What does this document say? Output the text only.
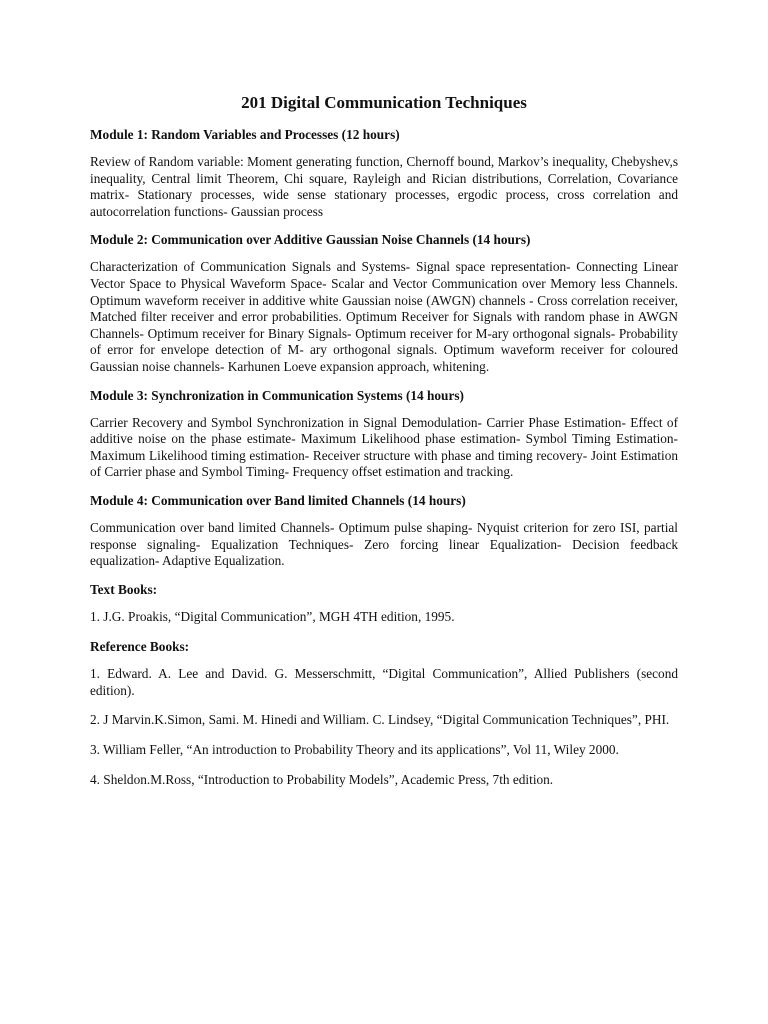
201 Digital Communication Techniques
Module 1: Random Variables and Processes (12 hours)
Review of Random variable: Moment generating function, Chernoff bound, Markov’s inequality, Chebyshev,s inequality, Central limit Theorem, Chi square, Rayleigh and Rician distributions, Correlation, Covariance matrix- Stationary processes, wide sense stationary processes, ergodic process, cross correlation and autocorrelation functions- Gaussian process
Module 2: Communication over Additive Gaussian Noise Channels (14 hours)
Characterization of Communication Signals and Systems- Signal space representation- Connecting Linear Vector Space to Physical Waveform Space- Scalar and Vector Communication over Memory less Channels. Optimum waveform receiver in additive white Gaussian noise (AWGN) channels - Cross correlation receiver, Matched filter receiver and error probabilities. Optimum Receiver for Signals with random phase in AWGN Channels- Optimum receiver for Binary Signals- Optimum receiver for M-ary orthogonal signals- Probability of error for envelope detection of M- ary orthogonal signals. Optimum waveform receiver for coloured Gaussian noise channels- Karhunen Loeve expansion approach, whitening.
Module 3: Synchronization in Communication Systems (14 hours)
Carrier Recovery and Symbol Synchronization in Signal Demodulation- Carrier Phase Estimation- Effect of additive noise on the phase estimate- Maximum Likelihood phase estimation- Symbol Timing Estimation- Maximum Likelihood timing estimation- Receiver structure with phase and timing recovery- Joint Estimation of Carrier phase and Symbol Timing- Frequency offset estimation and tracking.
Module 4: Communication over Band limited Channels (14 hours)
Communication over band limited Channels- Optimum pulse shaping- Nyquist criterion for zero ISI, partial response signaling- Equalization Techniques- Zero forcing linear Equalization- Decision feedback equalization- Adaptive Equalization.
Text Books:
1. J.G. Proakis, “Digital Communication”, MGH 4TH edition, 1995.
Reference Books:
1. Edward. A. Lee and David. G. Messerschmitt, “Digital Communication”, Allied Publishers (second edition).
2. J Marvin.K.Simon, Sami. M. Hinedi and William. C. Lindsey, “Digital Communication Techniques”, PHI.
3. William Feller, “An introduction to Probability Theory and its applications”, Vol 11, Wiley 2000.
4. Sheldon.M.Ross, “Introduction to Probability Models”, Academic Press, 7th edition.
